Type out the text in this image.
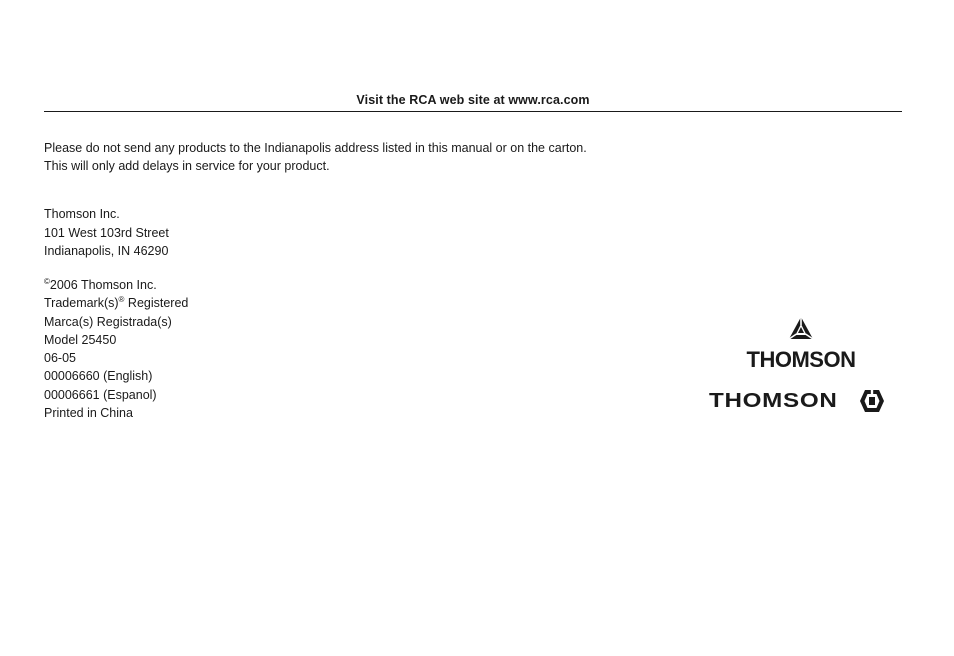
Visit the RCA web site at www.rca.com
Please do not send any products to the Indianapolis address listed in this manual or on the carton.
This will only add delays in service for your product.
Thomson Inc.
101 West 103rd Street
Indianapolis, IN 46290
©2006 Thomson Inc.
Trademark(s)® Registered
Marca(s) Registrada(s)
Model 25450
06-05
00006660 (English)
00006661 (Espanol)
Printed in China
THOMSON
THOMSON
